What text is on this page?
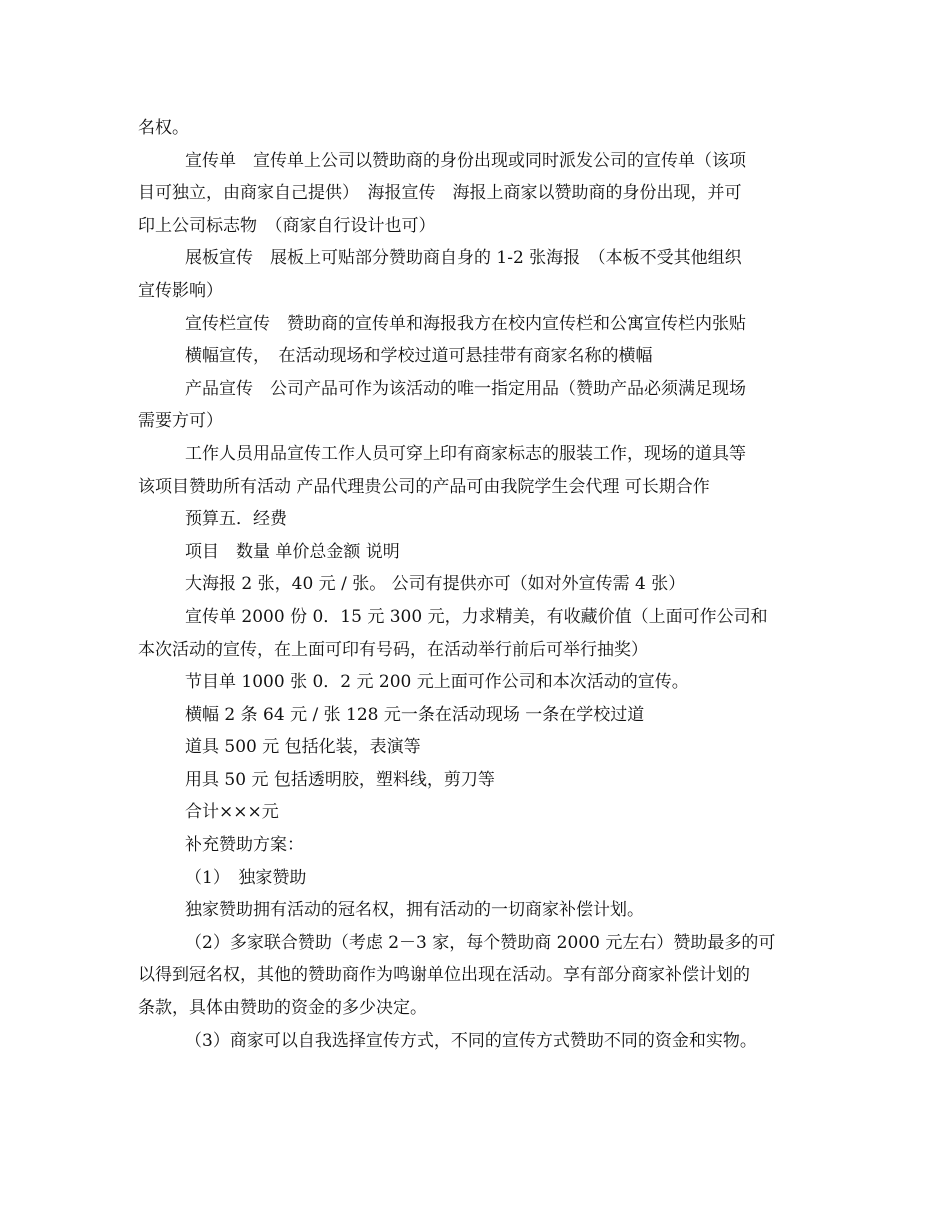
名权。
宣传单　宣传单上公司以赞助商的身份出现或同时派发公司的宣传单（该项
目可独立，由商家自己提供）　海报宣传　海报上商家以赞助商的身份出现，并可
印上公司标志物　（商家自行设计也可）
展板宣传　展板上可贴部分赞助商自身的 1-2 张海报　（本板不受其他组织
宣传影响）
宣传栏宣传　赞助商的宣传单和海报我方在校内宣传栏和公寓宣传栏内张贴
横幅宣传，　在活动现场和学校过道可悬挂带有商家名称的横幅
产品宣传　公司产品可作为该活动的唯一指定用品（赞助产品必须满足现场
需要方可）
工作人员用品宣传工作人员可穿上印有商家标志的服装工作，现场的道具等
该项目赞助所有活动 产品代理贵公司的产品可由我院学生会代理 可长期合作
预算五．经费
项目　数量 单价总金额 说明
大海报 2 张，40 元 / 张。 公司有提供亦可（如对外宣传需 4 张）
宣传单 2000 份 0．15 元 300 元，力求精美，有收藏价值（上面可作公司和
本次活动的宣传，在上面可印有号码，在活动举行前后可举行抽奖）
节目单 1000 张 0．2 元 200 元上面可作公司和本次活动的宣传。
横幅 2 条 64 元 / 张 128 元一条在活动现场 一条在学校过道
道具 500 元 包括化装，表演等
用具 50 元 包括透明胶，塑料线，剪刀等
合计×××元
补充赞助方案：
（1）　独家赞助
独家赞助拥有活动的冠名权，拥有活动的一切商家补偿计划。
（2）多家联合赞助（考虑 2－3 家，每个赞助商 2000 元左右）赞助最多的可
以得到冠名权，其他的赞助商作为鸣谢单位出现在活动。享有部分商家补偿计划的
条款，具体由赞助的资金的多少决定。
（3）商家可以自我选择宣传方式，不同的宣传方式赞助不同的资金和实物。
